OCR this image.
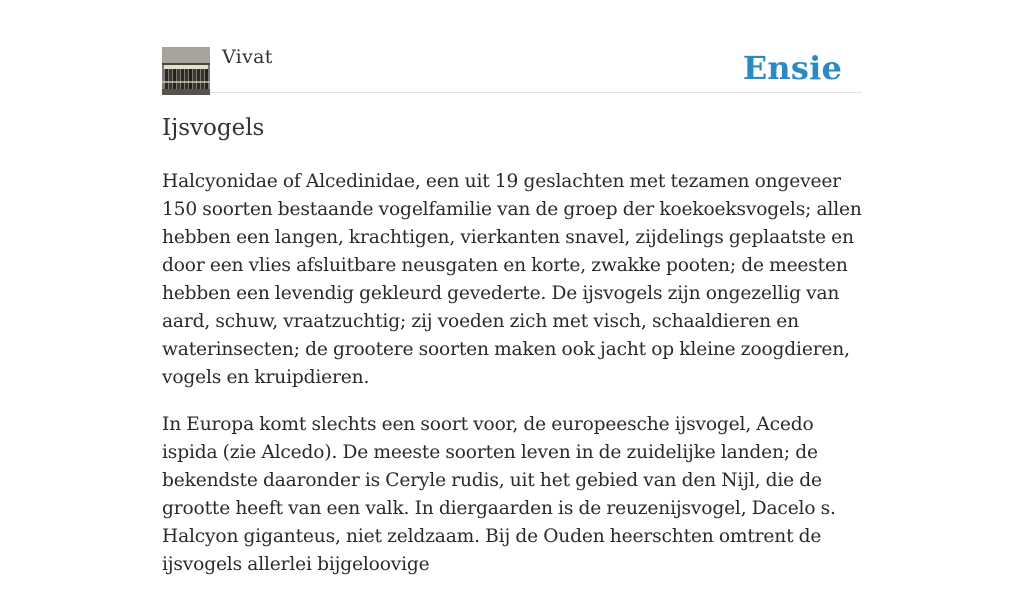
Vivat	Ensie
Ijsvogels

Halcyonidae of Alcedinidae, een uit 19 geslachten met tezamen ongeveer 150 soorten bestaande vogelfamilie van de groep der koekoeksvogels; allen hebben een langen, krachtigen, vierkanten snavel, zijdelings geplaatste en door een vlies afsluitbare neusgaten en korte, zwakke pooten; de meesten hebben een levendig gekleurd gevederte. De ijsvogels zijn ongezellig van aard, schuw, vraatzuchtig; zij voeden zich met visch, schaaldieren en waterinsecten; de grootere soorten maken ook jacht op kleine zoogdieren, vogels en kruipdieren.

In Europa komt slechts een soort voor, de europeesche ijsvogel, Acedo ispida (zie Alcedo). De meeste soorten leven in de zuidelijke landen; de bekendste daaronder is Ceryle rudis, uit het gebied van den Nijl, die de grootte heeft van een valk. In diergaarden is de reuzenijsvogel, Dacelo s. Halcyon giganteus, niet zeldzaam. Bij de Ouden heerschten omtrent de ijsvogels allerlei bijgeloovige
